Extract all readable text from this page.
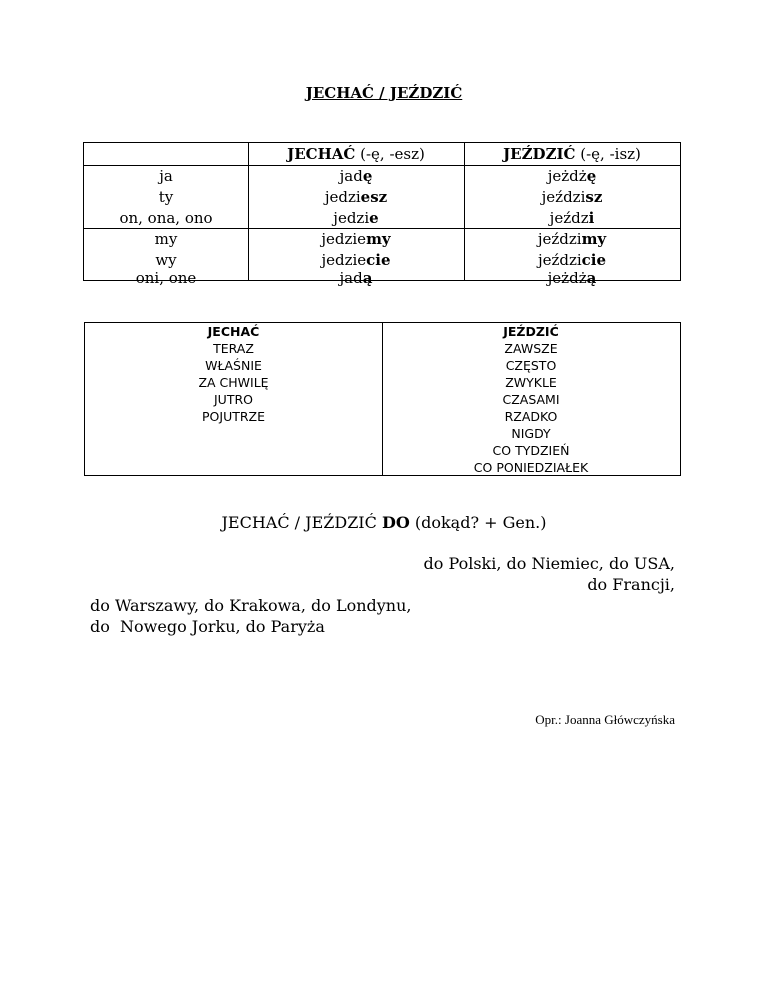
JECHAĆ / JEŹDZIĆ
ja
ty
on, ona, ono
my
wy
oni, one
JECHAĆ (-ę, -esz)
jadę
jedziesz
jedzie
jedziemy
jedziecie
jadą
JEŹDZIĆ (-ę, -isz)
jeżdżę
jeździsz
jeździ
jeździmy
jeździcie
jeżdżą
JECHAĆ
TERAZ
WŁAŚNIE
ZA CHWILĘ
JUTRO
POJUTRZE
JEŹDZIĆ
ZAWSZE
CZĘSTO
ZWYKLE
CZASAMI
RZADKO
NIGDY
CO TYDZIEŃ
CO PONIEDZIAŁEK
JECHAĆ / JEŹDZIĆ DO (dokąd? + Gen.)
do Polski, do Niemiec, do USA,
do Francji,
do Warszawy, do Krakowa, do Londynu,
do  Nowego Jorku, do Paryża
Opr.: Joanna Główczyńska
